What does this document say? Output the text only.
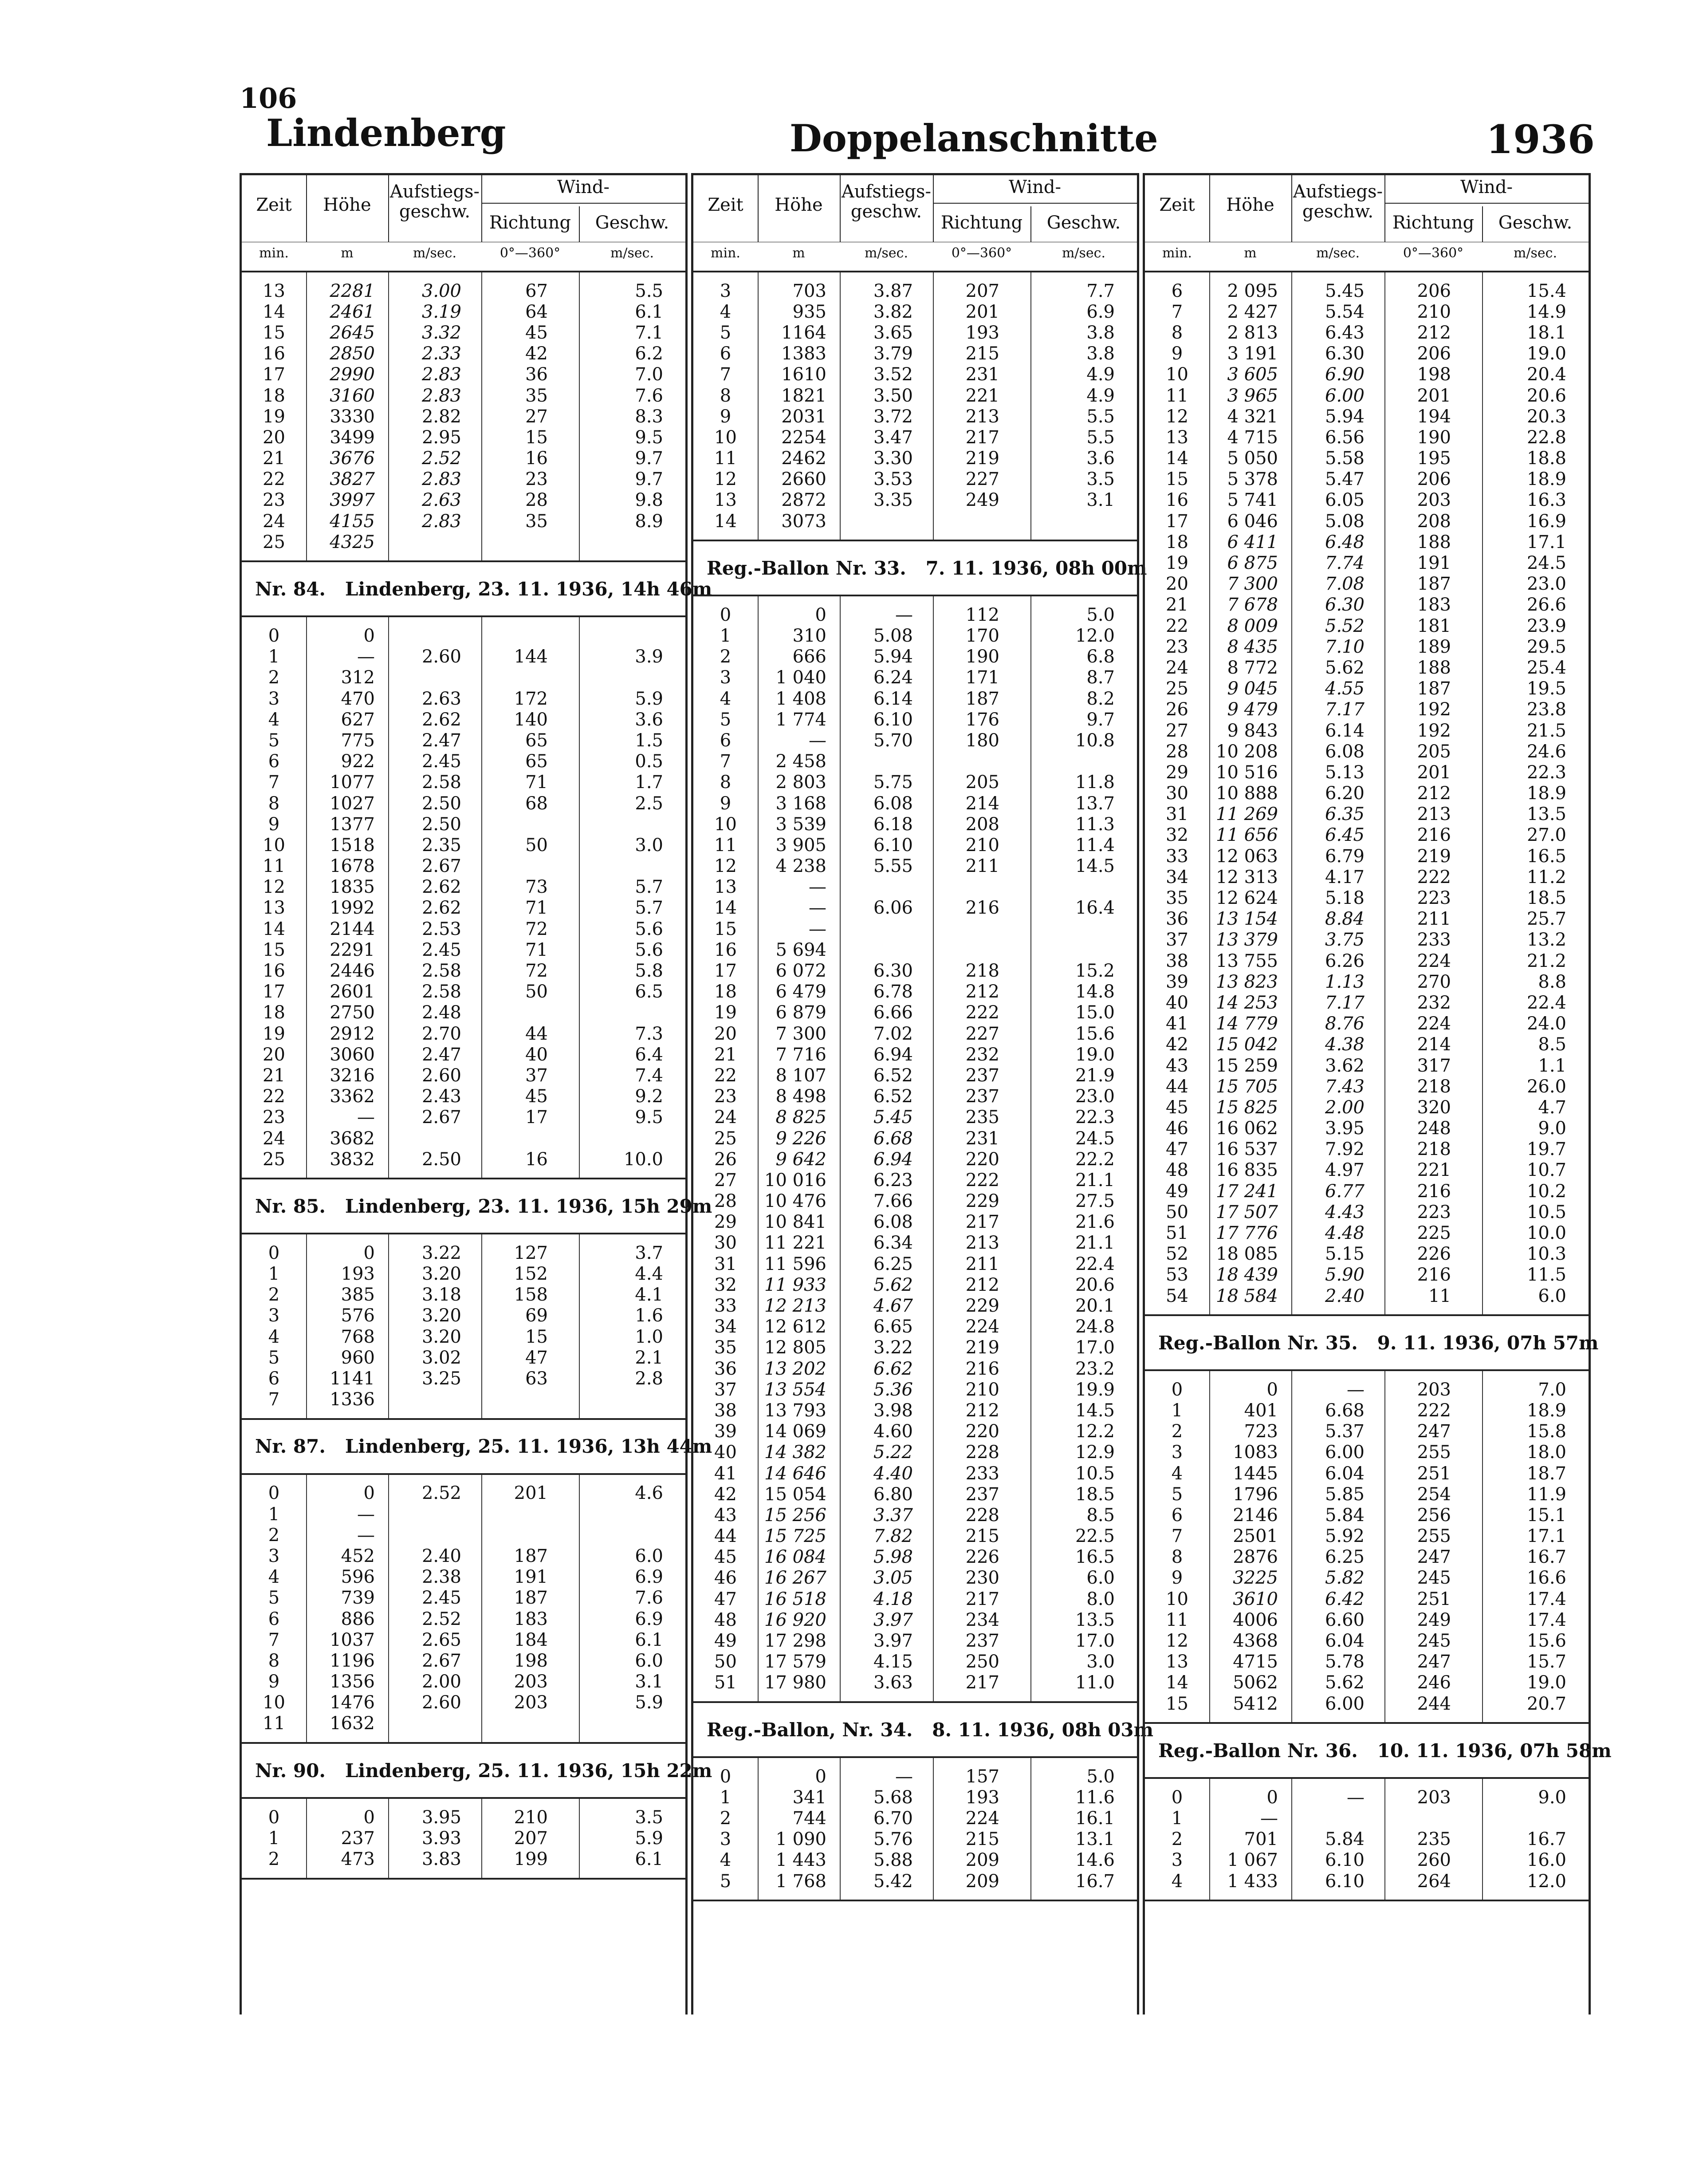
106
Lindenberg	Doppelanschnitte	1936
Zeit	Höhe
Aufstiegs-
geschw.
Wind-
Richtung	Geschw.
min.	m	m/sec.	0°—360°	m/sec.
13	2281	3.00	67	5.5
14	2461	3.19	64	6.1
15	2645	3.32	45	7.1
16	2850	2.33	42	6.2
17	2990	2.83	36	7.0
18	3160	2.83	35	7.6
19	3330	2.82	27	8.3
20	3499	2.95	15	9.5
21	3676	2.52	16	9.7
22	3827	2.83	23	9.7
23	3997	2.63	28	9.8
24	4155	2.83	35	8.9
25	4325
Nr. 84.   Lindenberg, 23. 11. 1936, 14h 46m
0	0
1	—	2.60	144	3.9
2	312
3	470	2.63	172	5.9
4	627	2.62	140	3.6
5	775	2.47	65	1.5
6	922	2.45	65	0.5
7	1077	2.58	71	1.7
8	1027	2.50	68	2.5
9	1377	2.50
10	1518	2.35	50	3.0
11	1678	2.67
12	1835	2.62	73	5.7
13	1992	2.62	71	5.7
14	2144	2.53	72	5.6
15	2291	2.45	71	5.6
16	2446	2.58	72	5.8
17	2601	2.58	50	6.5
18	2750	2.48
19	2912	2.70	44	7.3
20	3060	2.47	40	6.4
21	3216	2.60	37	7.4
22	3362	2.43	45	9.2
23	—	2.67	17	9.5
24	3682
25	3832	2.50	16	10.0
Nr. 85.   Lindenberg, 23. 11. 1936, 15h 29m
0	0	3.22	127	3.7
1	193	3.20	152	4.4
2	385	3.18	158	4.1
3	576	3.20	69	1.6
4	768	3.20	15	1.0
5	960	3.02	47	2.1
6	1141	3.25	63	2.8
7	1336
Nr. 87.   Lindenberg, 25. 11. 1936, 13h 44m
0	0	2.52	201	4.6
1	—
2	—
3	452	2.40	187	6.0
4	596	2.38	191	6.9
5	739	2.45	187	7.6
6	886	2.52	183	6.9
7	1037	2.65	184	6.1
8	1196	2.67	198	6.0
9	1356	2.00	203	3.1
10	1476	2.60	203	5.9
11	1632
Nr. 90.   Lindenberg, 25. 11. 1936, 15h 22m
0	0	3.95	210	3.5
1	237	3.93	207	5.9
2	473	3.83	199	6.1
Zeit	Höhe
Aufstiegs-
geschw.
Wind-
Richtung	Geschw.
min.	m	m/sec.	0°—360°	m/sec.
3	703	3.87	207	7.7
4	935	3.82	201	6.9
5	1164	3.65	193	3.8
6	1383	3.79	215	3.8
7	1610	3.52	231	4.9
8	1821	3.50	221	4.9
9	2031	3.72	213	5.5
10	2254	3.47	217	5.5
11	2462	3.30	219	3.6
12	2660	3.53	227	3.5
13	2872	3.35	249	3.1
14	3073
Reg.-Ballon Nr. 33.   7. 11. 1936, 08h 00m
0	0	—	112	5.0
1	310	5.08	170	12.0
2	666	5.94	190	6.8
3	1 040	6.24	171	8.7
4	1 408	6.14	187	8.2
5	1 774	6.10	176	9.7
6	—	5.70	180	10.8
7	2 458
8	2 803	5.75	205	11.8
9	3 168	6.08	214	13.7
10	3 539	6.18	208	11.3
11	3 905	6.10	210	11.4
12	4 238	5.55	211	14.5
13	—
14	—	6.06	216	16.4
15	—
16	5 694
17	6 072	6.30	218	15.2
18	6 479	6.78	212	14.8
19	6 879	6.66	222	15.0
20	7 300	7.02	227	15.6
21	7 716	6.94	232	19.0
22	8 107	6.52	237	21.9
23	8 498	6.52	237	23.0
24	8 825	5.45	235	22.3
25	9 226	6.68	231	24.5
26	9 642	6.94	220	22.2
27	10 016	6.23	222	21.1
28	10 476	7.66	229	27.5
29	10 841	6.08	217	21.6
30	11 221	6.34	213	21.1
31	11 596	6.25	211	22.4
32	11 933	5.62	212	20.6
33	12 213	4.67	229	20.1
34	12 612	6.65	224	24.8
35	12 805	3.22	219	17.0
36	13 202	6.62	216	23.2
37	13 554	5.36	210	19.9
38	13 793	3.98	212	14.5
39	14 069	4.60	220	12.2
40	14 382	5.22	228	12.9
41	14 646	4.40	233	10.5
42	15 054	6.80	237	18.5
43	15 256	3.37	228	8.5
44	15 725	7.82	215	22.5
45	16 084	5.98	226	16.5
46	16 267	3.05	230	6.0
47	16 518	4.18	217	8.0
48	16 920	3.97	234	13.5
49	17 298	3.97	237	17.0
50	17 579	4.15	250	3.0
51	17 980	3.63	217	11.0
Reg.-Ballon, Nr. 34.   8. 11. 1936, 08h 03m
0	0	—	157	5.0
1	341	5.68	193	11.6
2	744	6.70	224	16.1
3	1 090	5.76	215	13.1
4	1 443	5.88	209	14.6
5	1 768	5.42	209	16.7
Zeit	Höhe
Aufstiegs-
geschw.
Wind-
Richtung	Geschw.
min.	m	m/sec.	0°—360°	m/sec.
6	2 095	5.45	206	15.4
7	2 427	5.54	210	14.9
8	2 813	6.43	212	18.1
9	3 191	6.30	206	19.0
10	3 605	6.90	198	20.4
11	3 965	6.00	201	20.6
12	4 321	5.94	194	20.3
13	4 715	6.56	190	22.8
14	5 050	5.58	195	18.8
15	5 378	5.47	206	18.9
16	5 741	6.05	203	16.3
17	6 046	5.08	208	16.9
18	6 411	6.48	188	17.1
19	6 875	7.74	191	24.5
20	7 300	7.08	187	23.0
21	7 678	6.30	183	26.6
22	8 009	5.52	181	23.9
23	8 435	7.10	189	29.5
24	8 772	5.62	188	25.4
25	9 045	4.55	187	19.5
26	9 479	7.17	192	23.8
27	9 843	6.14	192	21.5
28	10 208	6.08	205	24.6
29	10 516	5.13	201	22.3
30	10 888	6.20	212	18.9
31	11 269	6.35	213	13.5
32	11 656	6.45	216	27.0
33	12 063	6.79	219	16.5
34	12 313	4.17	222	11.2
35	12 624	5.18	223	18.5
36	13 154	8.84	211	25.7
37	13 379	3.75	233	13.2
38	13 755	6.26	224	21.2
39	13 823	1.13	270	8.8
40	14 253	7.17	232	22.4
41	14 779	8.76	224	24.0
42	15 042	4.38	214	8.5
43	15 259	3.62	317	1.1
44	15 705	7.43	218	26.0
45	15 825	2.00	320	4.7
46	16 062	3.95	248	9.0
47	16 537	7.92	218	19.7
48	16 835	4.97	221	10.7
49	17 241	6.77	216	10.2
50	17 507	4.43	223	10.5
51	17 776	4.48	225	10.0
52	18 085	5.15	226	10.3
53	18 439	5.90	216	11.5
54	18 584	2.40	11	6.0
Reg.-Ballon Nr. 35.   9. 11. 1936, 07h 57m
0	0	—	203	7.0
1	401	6.68	222	18.9
2	723	5.37	247	15.8
3	1083	6.00	255	18.0
4	1445	6.04	251	18.7
5	1796	5.85	254	11.9
6	2146	5.84	256	15.1
7	2501	5.92	255	17.1
8	2876	6.25	247	16.7
9	3225	5.82	245	16.6
10	3610	6.42	251	17.4
11	4006	6.60	249	17.4
12	4368	6.04	245	15.6
13	4715	5.78	247	15.7
14	5062	5.62	246	19.0
15	5412	6.00	244	20.7
Reg.-Ballon Nr. 36.   10. 11. 1936, 07h 58m
0	0	—	203	9.0
1	—
2	701	5.84	235	16.7
3	1 067	6.10	260	16.0
4	1 433	6.10	264	12.0
